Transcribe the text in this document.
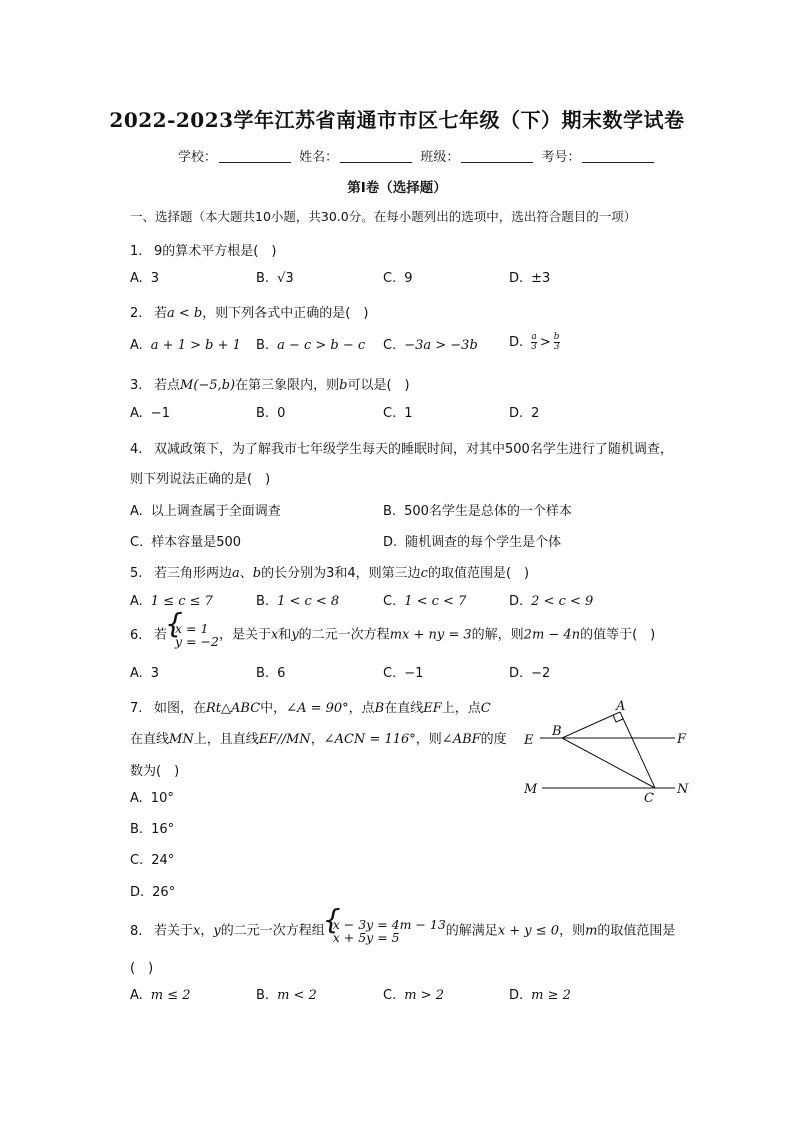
2022-2023学年江苏省南通市市区七年级（下）期末数学试卷
学校：	姓名：	班级：	考号：
第I卷（选择题）
一、选择题（本大题共10小题，共30.0分。在每小题列出的选项中，选出符合题目的一项）
1. 9的算术平方根是(　)
A. 3	B. √3	C. 9	D. ±3
2. 若a < b，则下列各式中正确的是(　)
A. a + 1 > b + 1 B. a − c > b − c C. −3a > −3b D. $\frac{a}{3} > \frac{b}{3}$
3. 若点M(−5,b)在第三象限内，则b可以是(　)
A. −1	B. 0	C. 1	D. 2
4. 双减政策下，为了解我市七年级学生每天的睡眠时间，对其中500名学生进行了随机调查，
则下列说法正确的是(　)
A. 以上调查属于全面调查	B. 500名学生是总体的一个样本
C. 样本容量是500	D. 随机调查的每个学生是个体
5. 若三角形两边a、b的长分别为3和4，则第三边c的取值范围是(　)
A. 1 ≤ c ≤ 7	B. 1 < c < 8	C. 1 < c < 7	D. 2 < c < 9
6. 若 { x = 1
y = −2 ，是关于x和y的二元一次方程mx + ny = 3的解，则2m − 4n的值等于(　)
A. 3	B. 6	C. −1	D. −2
7. 如图，在Rt△ABC中，∠A = 90°，点B在直线EF上，点C
在直线MN上，且直线EF//MN，∠ACN = 116°，则∠ABF的度
数为(　)
A. 10°
B. 16°
C. 24°
D. 26°
A
B
C
E	F
M	N
8. 若关于x，y的二元一次方程组 { x − 3y = 4m − 13
x + 5y = 5	的解满足x + y ≤ 0，则m的取值范围是
(　)
A. m ≤ 2	B. m < 2	C. m > 2	D. m ≥ 2
